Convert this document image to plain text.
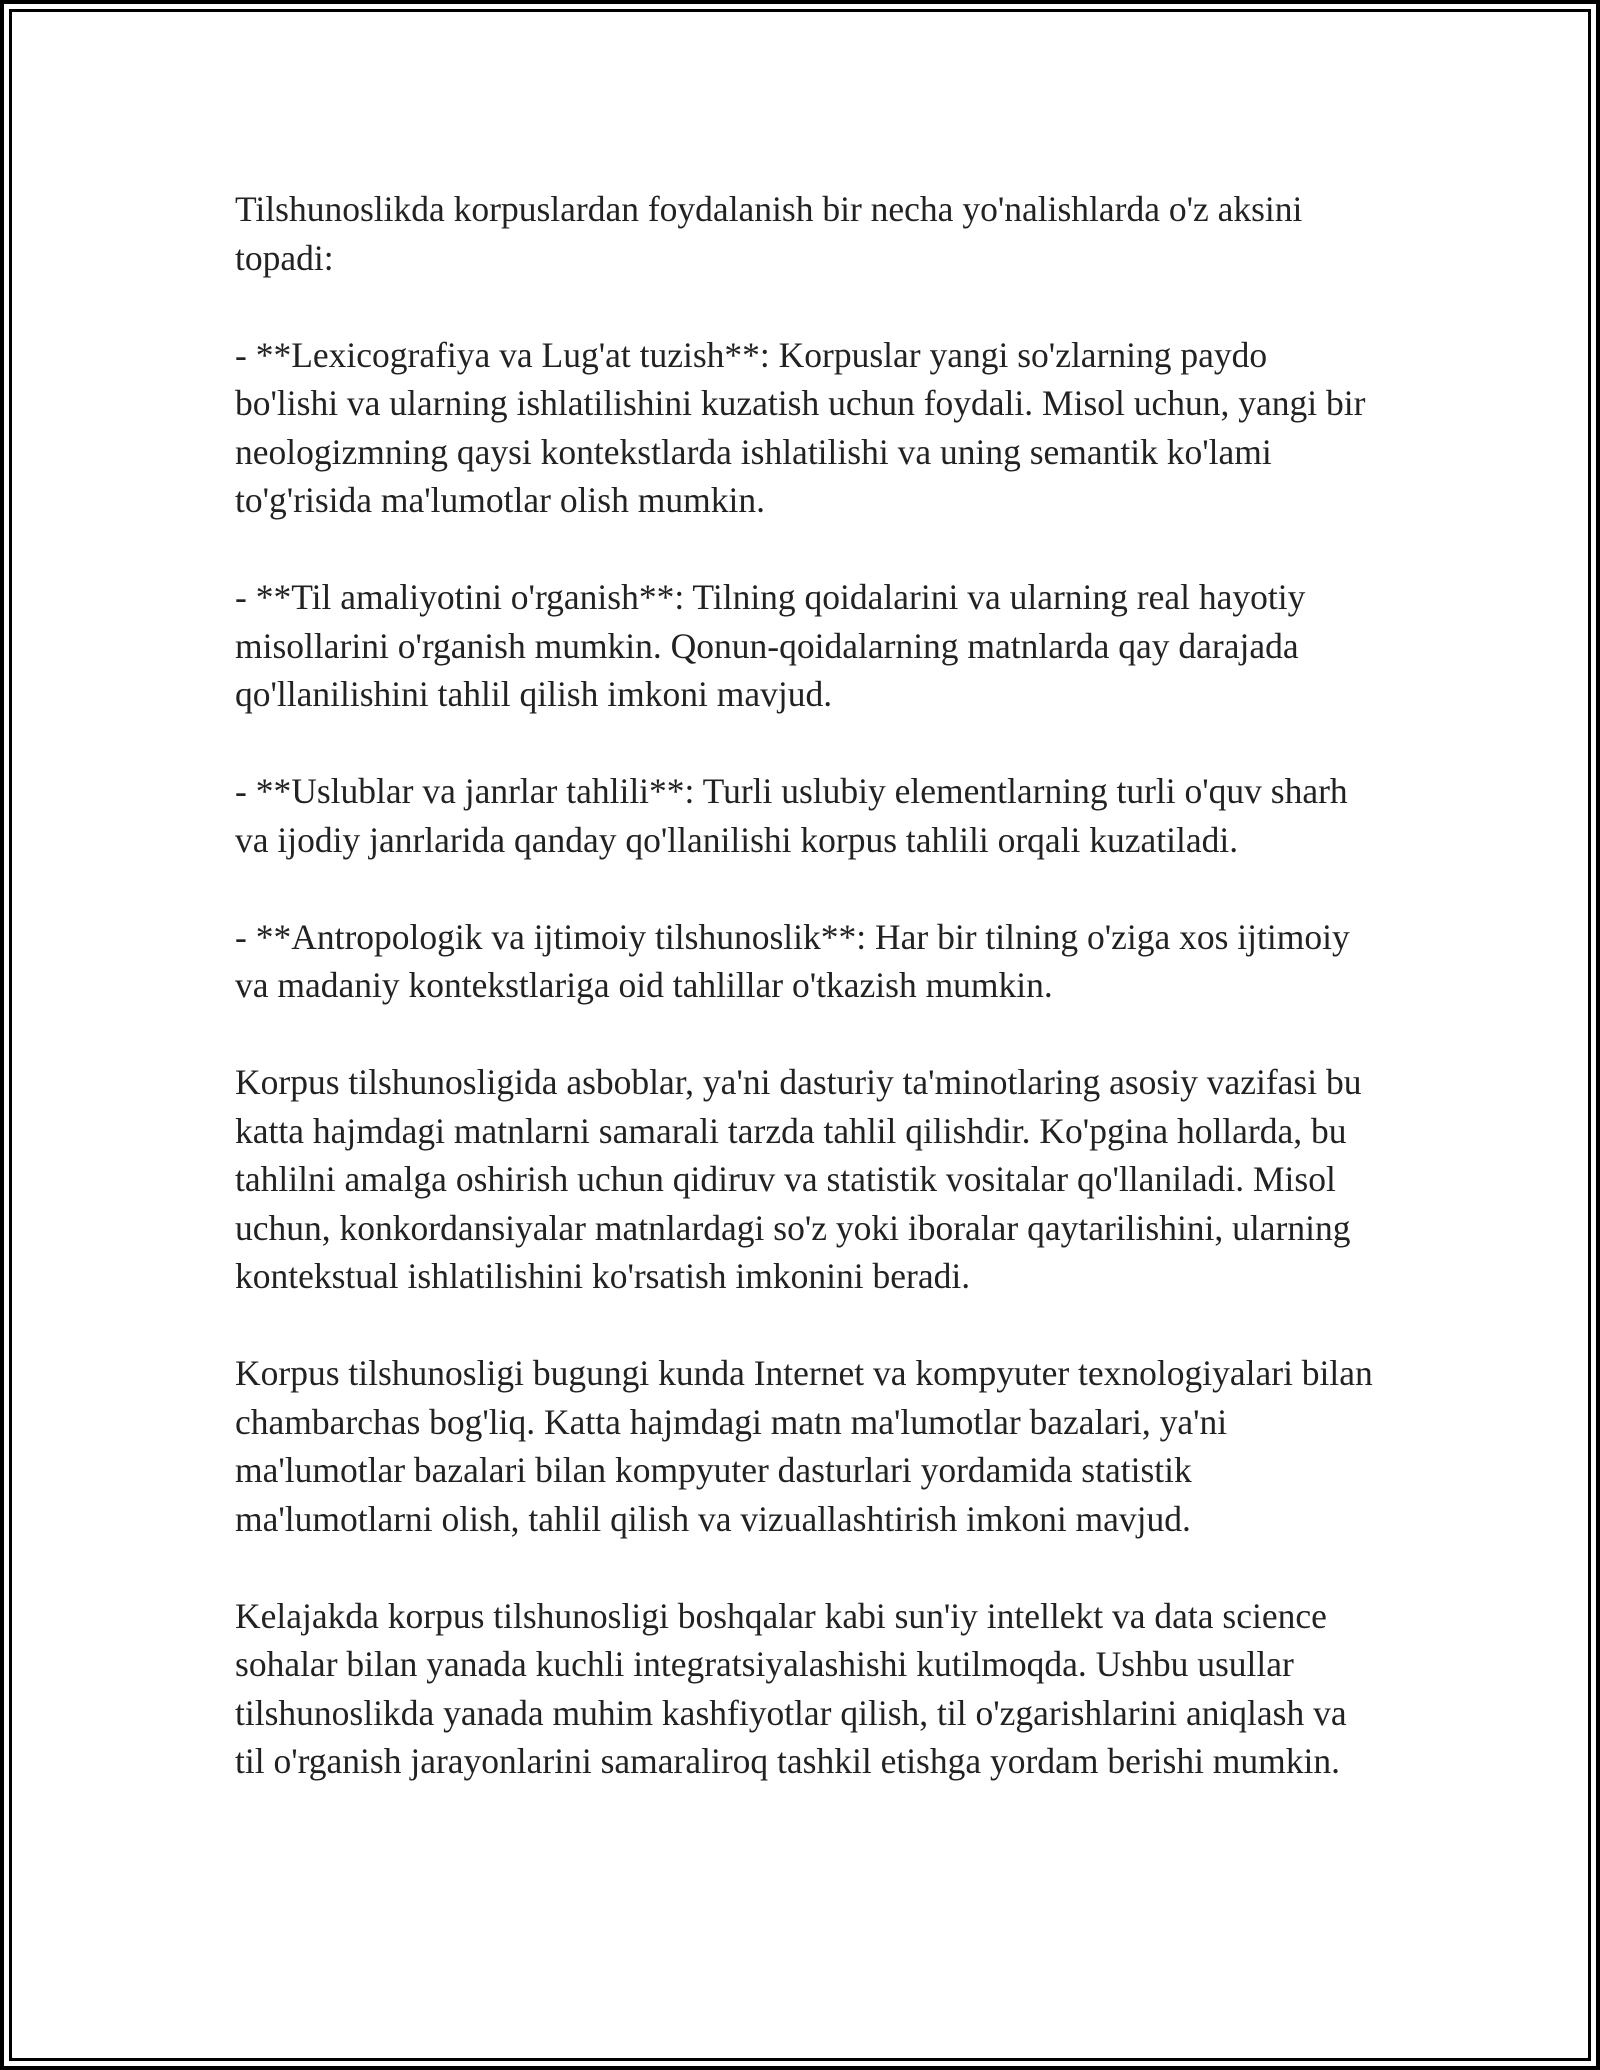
Tilshunoslikda korpuslardan foydalanish bir necha yo'nalishlarda o'z aksini topadi:

- **Lexicografiya va Lug'at tuzish**: Korpuslar yangi so'zlarning paydo bo'lishi va ularning ishlatilishini kuzatish uchun foydali. Misol uchun, yangi bir neologizmning qaysi kontekstlarda ishlatilishi va uning semantik ko'lami to'g'risida ma'lumotlar olish mumkin.

- **Til amaliyotini o'rganish**: Tilning qoidalarini va ularning real hayotiy misollarini o'rganish mumkin. Qonun-qoidalarning matnlarda qay darajada qo'llanilishini tahlil qilish imkoni mavjud.

- **Uslublar va janrlar tahlili**: Turli uslubiy elementlarning turli o'quv sharh va ijodiy janrlarida qanday qo'llanilishi korpus tahlili orqali kuzatiladi.

- **Antropologik va ijtimoiy tilshunoslik**: Har bir tilning o'ziga xos ijtimoiy va madaniy kontekstlariga oid tahlillar o'tkazish mumkin.

Korpus tilshunosligida asboblar, ya'ni dasturiy ta'minotlaring asosiy vazifasi bu katta hajmdagi matnlarni samarali tarzda tahlil qilishdir. Ko'pgina hollarda, bu tahlilni amalga oshirish uchun qidiruv va statistik vositalar qo'llaniladi. Misol uchun, konkordansiyalar matnlardagi so'z yoki iboralar qaytarilishini, ularning kontekstual ishlatilishini ko'rsatish imkonini beradi.

Korpus tilshunosligi bugungi kunda Internet va kompyuter texnologiyalari bilan chambarchas bog'liq. Katta hajmdagi matn ma'lumotlar bazalari, ya'ni ma'lumotlar bazalari bilan kompyuter dasturlari yordamida statistik ma'lumotlarni olish, tahlil qilish va vizuallashtirish imkoni mavjud.

Kelajakda korpus tilshunosligi boshqalar kabi sun'iy intellekt va data science sohalar bilan yanada kuchli integratsiyalashishi kutilmoqda. Ushbu usullar tilshunoslikda yanada muhim kashfiyotlar qilish, til o'zgarishlarini aniqlash va til o'rganish jarayonlarini samaraliroq tashkil etishga yordam berishi mumkin.
